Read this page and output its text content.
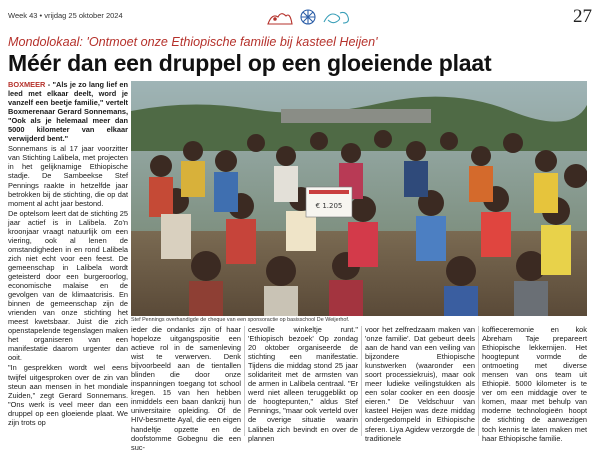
Week 43 • vrijdag 25 oktober 2024	27
Mondolokaal: 'Ontmoet onze Ethiopische familie bij kasteel Heijen'
Méér dan een druppel op een gloeiende plaat

BOXMEER - "Als je zo lang lief en leed met elkaar deelt, word je vanzelf een beetje familie," vertelt Boxmerenaar Gerard Sonnemans, "Ook als je helemaal meer dan 5000 kilometer van elkaar verwijderd bent."

Sonnemans is al 17 jaar voorzitter van Stichting Lalibela, met projecten in het gelijknamige Ethiopische stadje. De Sambeekse Stef Pennings raakte in hetzelfde jaar betrokken bij de stichting, die op dat moment al acht jaar bestond.

De optelsom leert dat de stichting 25 jaar actief is in Lalibela. Zo'n kroonjaar vraagt natuurlijk om een viering, ook al lenen de omstandigheden in en rond Lalibela zich niet echt voor een feest. De gemeenschap in Lalibela wordt geteisterd door een burgeroorlog, economische malaise en de gevolgen van de klimaatcrisis. En binnen de gemeenschap zijn de vrienden van onze stichting het meest kwetsbaar. Juist die zich openstapelende tegenslagen maken het organiseren van een manifestatie daarom urgenter dan ooit.

"In gesprekken wordt wel eens twijfel uitgesproken over de zin van steun aan mensen in het mondiale Zuiden," zegt Gerard Sonnemans. "Ons werk is veel meer dan een druppel op een gloeiende plaat. We zijn trots op

€ 1.205
Stef Pennings overhandigde de cheque van een sponsoractie op basisschool De Weijerhof.
ieder die ondanks zijn of haar hopeloze uitgangspositie een actieve rol in de samenleving wist te verwerven. Denk bijvoorbeeld aan de tientallen blinden die door onze inspanningen toegang tot school kregen. 15 van hen hebben inmiddels een baan dankzij hun universitaire opleiding. Of de HIV-besmette Ayal, die een eigen handeltje opzette en de doofstomme Gobegnu die een suc-
cesvolle winkeltje runt." 'Ethiopisch bezoek' Op zondag 20 oktober organiseerde de stichting een manifestatie. Tijdens die middag stond 25 jaar solidariteit met de armsten van de armen in Lalibela centraal. "Er werd niet alleen teruggeblikt op de hoogtepunten," aldus Stef Pennings, "maar ook verteld over de overige situatie waarin Lalibela zich bevindt en over de plannen
voor het zelfredzaam maken van 'onze familie'. Dat gebeurt deels aan de hand van een veiling van bijzondere Ethiopische kunstwerken (waaronder een soort processiekruis), maar ook meer ludieke veilingstukken als een solar cooker en een doosje eieren." De Veldschuur van kasteel Heijen was deze middag ondergedompeld in Ethiopische sferen. Liya Agidew verzorgde de traditionele
koffieceremonie en kok Abreham Taje prepareert Ethiopische lekkernijen. Het hoogtepunt vormde de ontmoeting met diverse mensen van ons team uit Ethiopië. 5000 kilometer is te ver om een middagje over te komen, maar met behulp van moderne technologieën hoopt de stichting de aanwezigen toch kennis te laten maken met haar Ethiopische familie.
